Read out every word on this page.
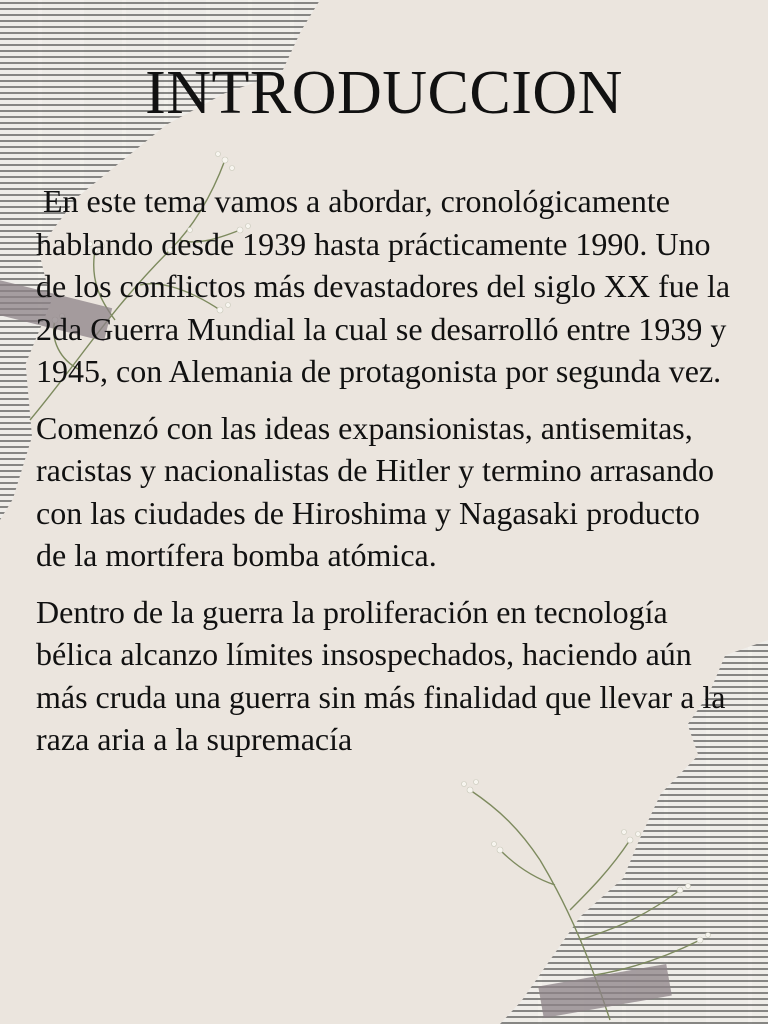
INTRODUCCION

En este tema vamos a abordar, cronológicamente hablando desde 1939 hasta prácticamente 1990. Uno de los conflictos más devastadores del siglo XX fue la 2da Guerra Mundial la cual se desarrolló entre 1939 y 1945, con Alemania de protagonista por segunda vez.

Comenzó con las ideas expansionistas, antisemitas, racistas y nacionalistas de Hitler y termino arrasando con las ciudades de Hiroshima y Nagasaki producto de la mortífera bomba atómica.

Dentro de la guerra la proliferación en tecnología bélica alcanzo límites insospechados, haciendo aún más cruda una guerra sin más finalidad que llevar a la raza aria a la supremacía
